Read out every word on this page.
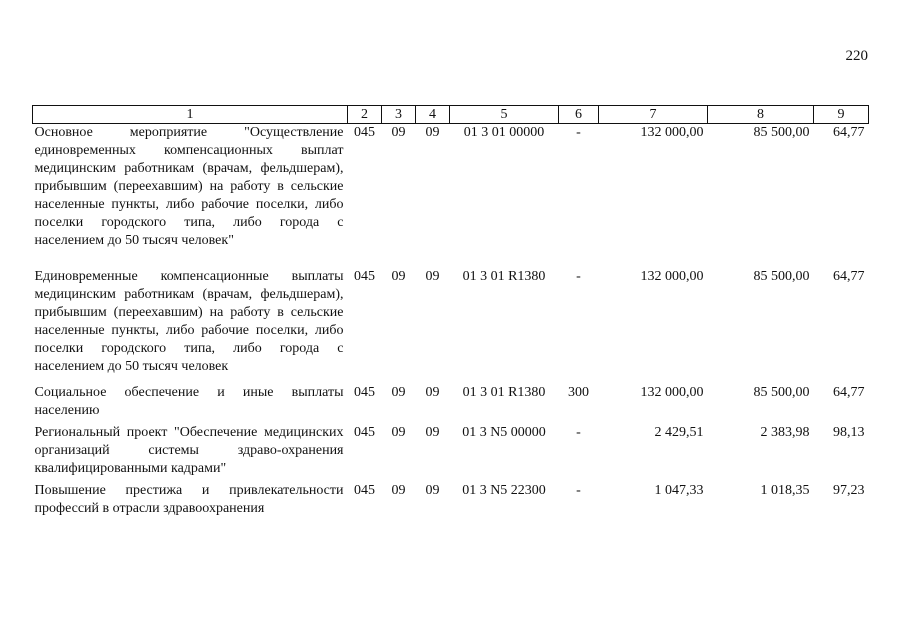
220
1	2	3	4	5	6	7	8	9
Основное мероприятие "Осуществление единовременных компенсационных выплат медицинским работникам (врачам, фельдшерам), прибывшим (переехавшим) на работу в сельские населенные пункты, либо рабочие поселки, либо поселки городского типа, либо города с населением до 50 тысяч человек"	045	09	09	01 3 01 00000	-	132 000,00	85 500,00	64,77
Единовременные компенсационные выплаты медицинским работникам (врачам, фельдшерам), прибывшим (переехавшим) на работу в сельские населенные пункты, либо рабочие поселки, либо поселки городского типа, либо города с населением до 50 тысяч человек	045	09	09	01 3 01 R1380	-	132 000,00	85 500,00	64,77
Социальное обеспечение и иные выплаты населению	045	09	09	01 3 01 R1380	300	132 000,00	85 500,00	64,77
Региональный проект "Обеспечение медицинских организаций системы здраво-охранения квалифицированными кадрами"	045	09	09	01 3 N5 00000	-	2 429,51	2 383,98	98,13
Повышение престижа и привлекательности профессий в отрасли здравоохранения	045	09	09	01 3 N5 22300	-	1 047,33	1 018,35	97,23
